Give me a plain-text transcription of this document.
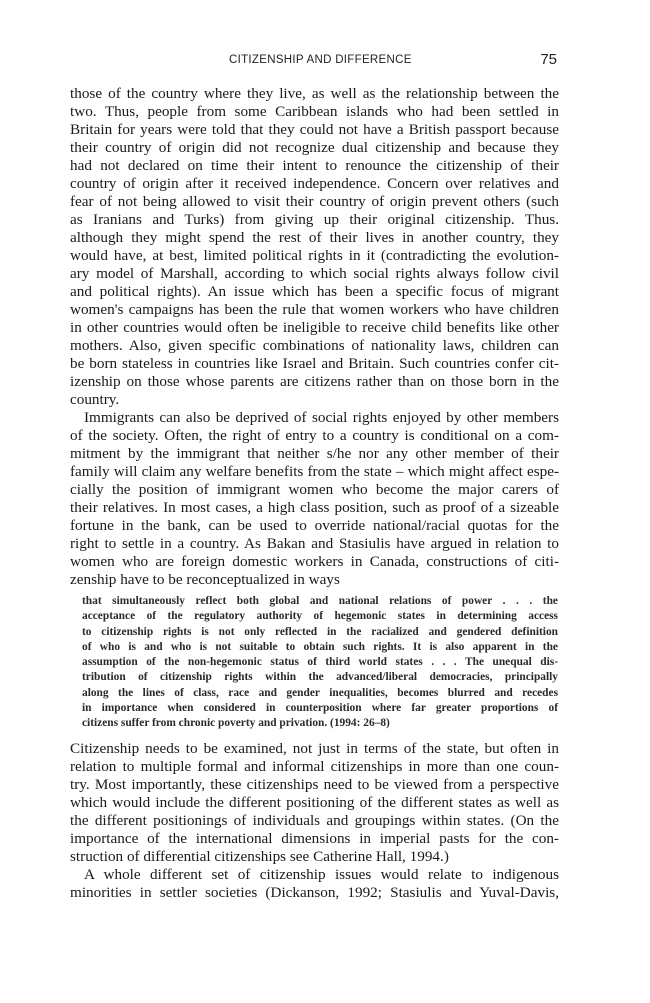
CITIZENSHIP AND DIFFERENCE	75
those of the country where they live, as well as the relationship between the
two. Thus, people from some Caribbean islands who had been settled in
Britain for years were told that they could not have a British passport because
their country of origin did not recognize dual citizenship and because they
had not declared on time their intent to renounce the citizenship of their
country of origin after it received independence. Concern over relatives and
fear of not being allowed to visit their country of origin prevent others (such
as Iranians and Turks) from giving up their original citizenship. Thus.
although they might spend the rest of their lives in another country, they
would have, at best, limited political rights in it (contradicting the evolution-
ary model of Marshall, according to which social rights always follow civil
and political rights). An issue which has been a specific focus of migrant
women's campaigns has been the rule that women workers who have children
in other countries would often be ineligible to receive child benefits like other
mothers. Also, given specific combinations of nationality laws, children can
be born stateless in countries like Israel and Britain. Such countries confer cit-
izenship on those whose parents are citizens rather than on those born in the
country.
Immigrants can also be deprived of social rights enjoyed by other members
of the society. Often, the right of entry to a country is conditional on a com-
mitment by the immigrant that neither s/he nor any other member of their
family will claim any welfare benefits from the state – which might affect espe-
cially the position of immigrant women who become the major carers of
their relatives. In most cases, a high class position, such as proof of a sizeable
fortune in the bank, can be used to override national/racial quotas for the
right to settle in a country. As Bakan and Stasiulis have argued in relation to
women who are foreign domestic workers in Canada, constructions of citi-
zenship have to be reconceptualized in ways
that simultaneously reflect both global and national relations of power . . . the
acceptance of the regulatory authority of hegemonic states in determining access
to citizenship rights is not only reflected in the racialized and gendered definition
of who is and who is not suitable to obtain such rights. It is also apparent in the
assumption of the non-hegemonic status of third world states . . . The unequal dis-
tribution of citizenship rights within the advanced/liberal democracies, principally
along the lines of class, race and gender inequalities, becomes blurred and recedes
in importance when considered in counterposition where far greater proportions of
citizens suffer from chronic poverty and privation. (1994: 26–8)
Citizenship needs to be examined, not just in terms of the state, but often in
relation to multiple formal and informal citizenships in more than one coun-
try. Most importantly, these citizenships need to be viewed from a perspective
which would include the different positioning of the different states as well as
the different positionings of individuals and groupings within states. (On the
importance of the international dimensions in imperial pasts for the con-
struction of differential citizenships see Catherine Hall, 1994.)
A whole different set of citizenship issues would relate to indigenous
minorities in settler societies (Dickanson, 1992; Stasiulis and Yuval-Davis,
